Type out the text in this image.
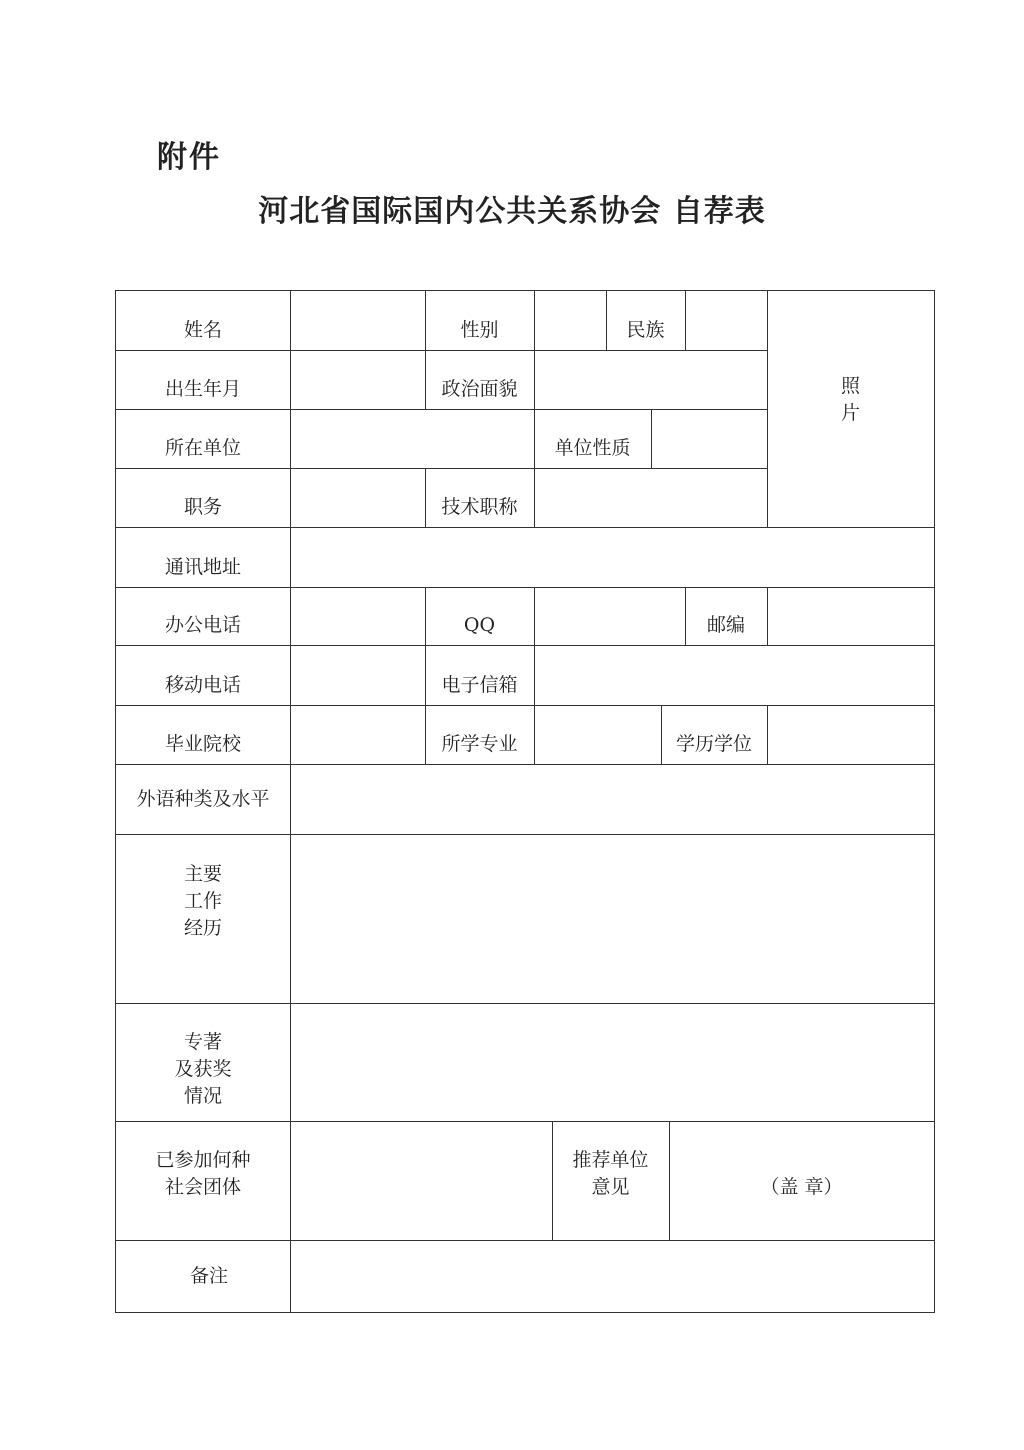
附件
河北省国际国内公共关系协会 自荐表
姓名	性别	民族
照
片
出生年月	政治面貌
所在单位	单位性质
职务	技术职称
通讯地址
办公电话	QQ	邮编
移动电话	电子信箱
毕业院校	所学专业	学历学位
外语种类及水平
主要
工作
经历
专著
及获奖
情况
已参加何种
社会团体
推荐单位
意见	（盖 章）
备注
